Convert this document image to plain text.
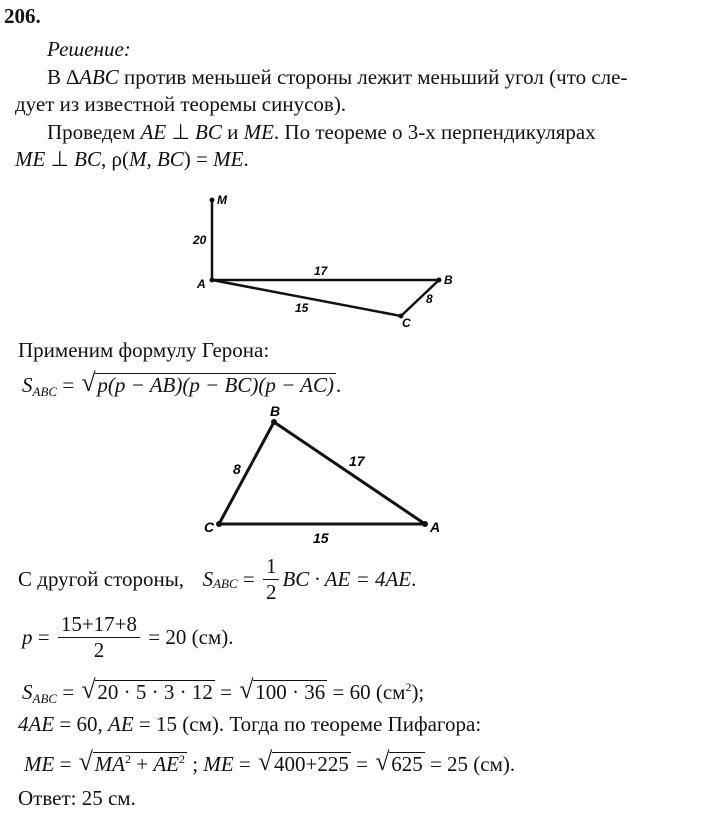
206.
Решение:
В ∆ABC против меньшей стороны лежит меньший угол (что сле-
дует из известной теоремы синусов).
Проведем AE ⊥ BC и ME. По теореме о 3-х перпендикулярах
ME ⊥ BC, ρ(M, BC) = ME.
M
A	B
C
20
17
15
8
Применим формулу Герона:
SABC = √ p(p − AB)(p − BC)(p − AC).
B
C	A
8	17
15
С другой стороны, SABC = $\frac{1}{2}$ BC · AE = 4AE.
$p = \frac{15+17+8}{2} = 20$ (см).
SABC = √ 20 · 5 · 3 · 12 = √ 100 · 36 = 60 $(см^2)$;
4AE = 60, AE = 15 (см). Тогда по теореме Пифагора:
ME = √ $MA^2 + AE^2$ ; ME = √ 400+225 = √ 625 = 25 (см).
Ответ: 25 см.
